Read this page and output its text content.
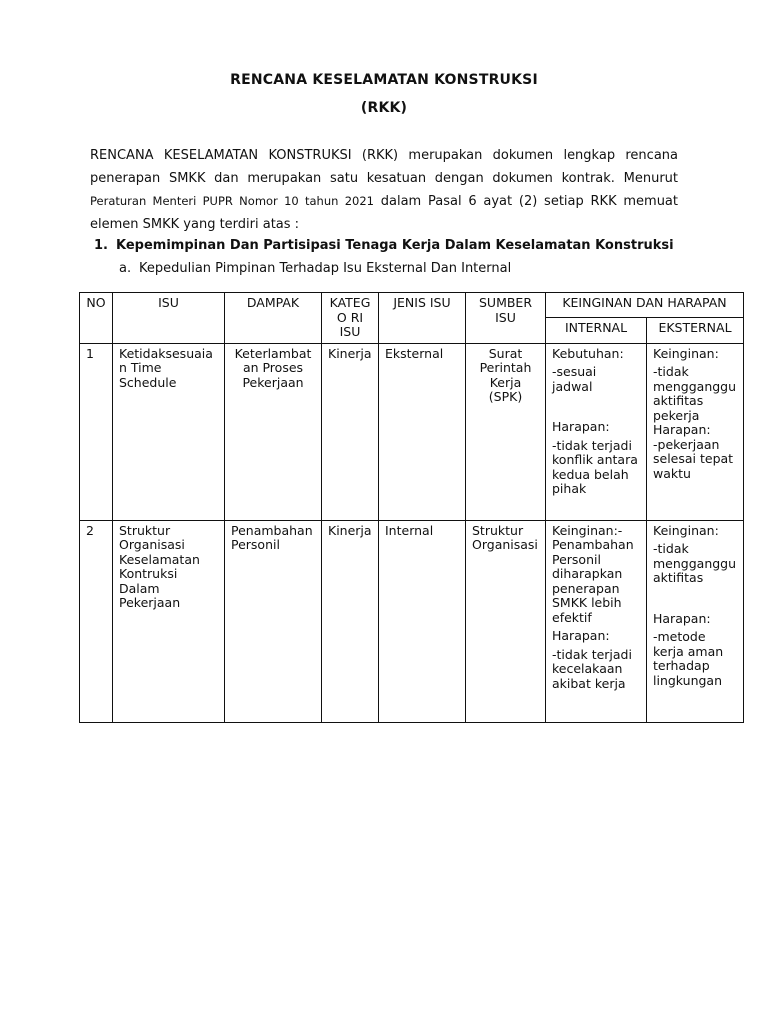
RENCANA KESELAMATAN KONSTRUKSI
(RKK)
RENCANA KESELAMATAN KONSTRUKSI (RKK) merupakan dokumen lengkap rencana
penerapan SMKK dan merupakan satu kesatuan dengan dokumen kontrak. Menurut
Peraturan Menteri PUPR Nomor 10 tahun 2021 dalam Pasal 6 ayat (2) setiap RKK memuat
elemen SMKK yang terdiri atas :
1. Kepemimpinan Dan Partisipasi Tenaga Kerja Dalam Keselamatan Konstruksi
a. Kepedulian Pimpinan Terhadap Isu Eksternal Dan Internal
NO	ISU	DAMPAK	KATEGO RI ISU	JENIS ISU	SUMBER ISU	KEINGINAN DAN HARAPAN	
						INTERNAL	EKSTERNAL
1	Ketidaksesuaian Time Schedule	Keterlambatan Proses Pekerjaan	Kinerja	Eksternal	Surat Perintah Kerja (SPK)	Kebutuhan:
-sesuai jadwal
Harapan:
-tidak terjadi konflik antara kedua belah pihak	Keinginan:
-tidak mengganggu aktifitas pekerja
Harapan:
-pekerjaan selesai tepat waktu
2	Struktur Organisasi Keselamatan Kontruksi Dalam Pekerjaan	Penambahan Personil	Kinerja	Internal	Struktur Organisasi	Keinginan:-
Penambahan Personil diharapkan penerapan SMKK lebih efektif
Harapan:
-tidak terjadi kecelakaan akibat kerja	Keinginan:
-tidak mengganggu aktifitas
Harapan:
-metode kerja aman terhadap lingkungan
